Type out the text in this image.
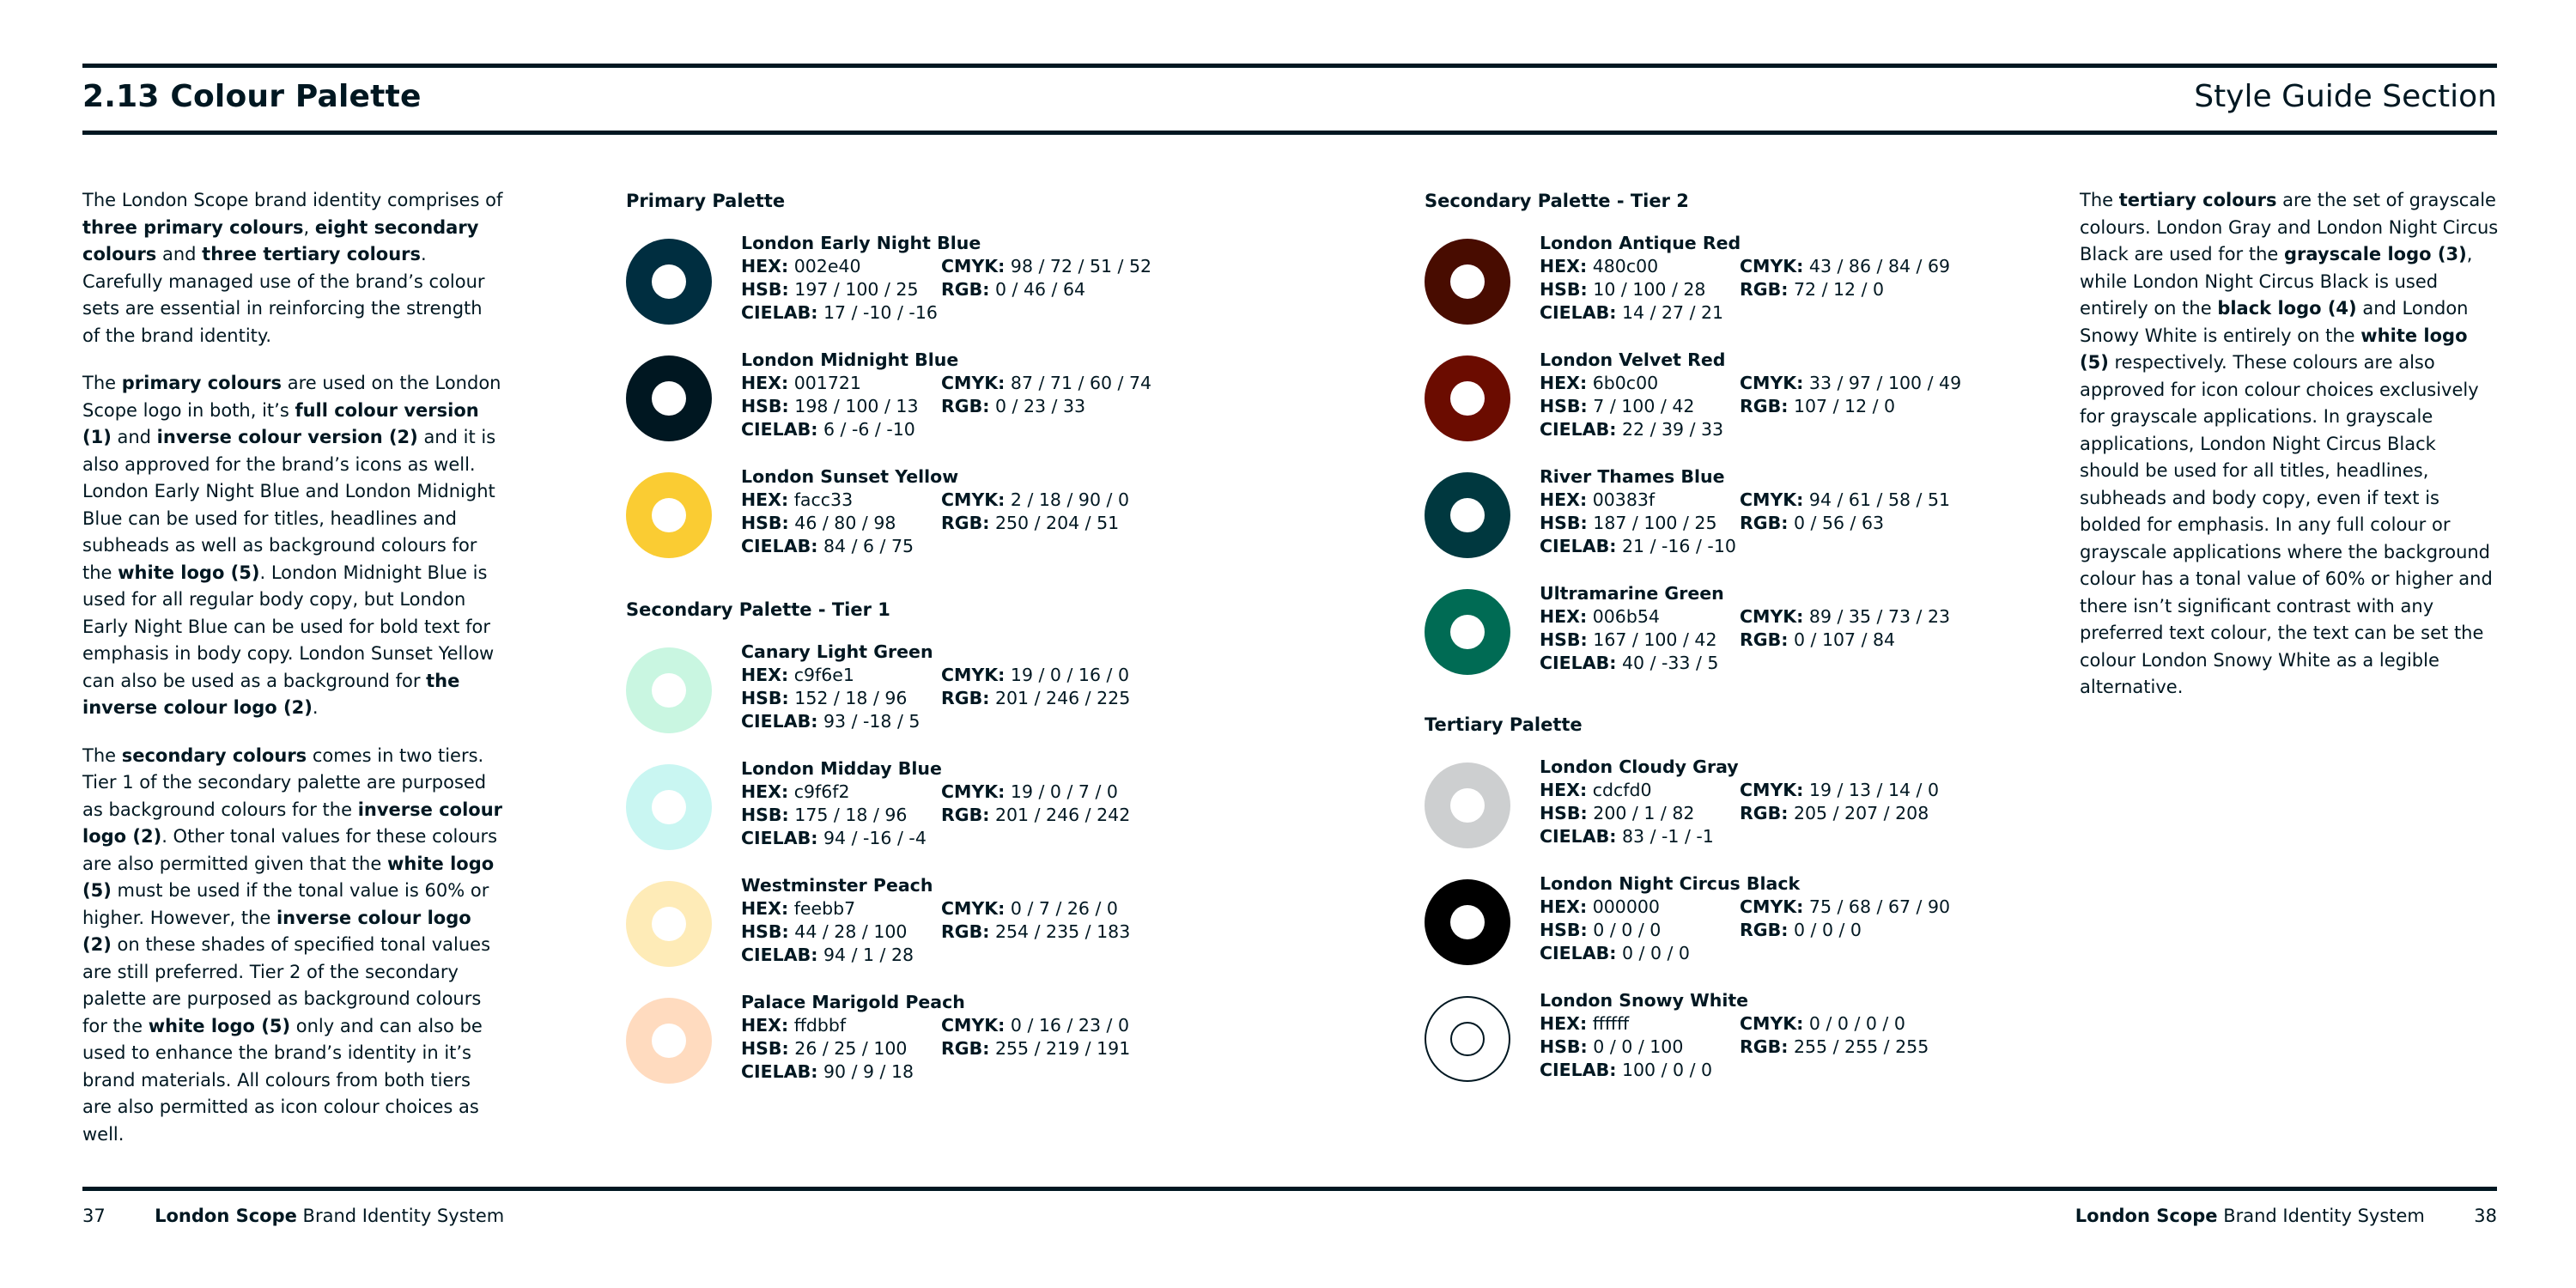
2.13 Colour Palette	Style Guide Section

The London Scope brand identity comprises of three primary colours, eight secondary colours and three tertiary colours. Carefully managed use of the brand’s colour sets are essential in reinforcing the strength of the brand identity.

The primary colours are used on the London Scope logo in both, it’s full colour version (1) and inverse colour version (2) and it is also approved for the brand’s icons as well. London Early Night Blue and London Midnight Blue can be used for titles, headlines and subheads as well as background colours for the white logo (5). London Midnight Blue is used for all regular body copy, but London Early Night Blue can be used for bold text for emphasis in body copy. London Sunset Yellow can also be used as a background for the inverse colour logo (2).

The secondary colours comes in two tiers. Tier 1 of the secondary palette are purposed as background colours for the inverse colour logo (2). Other tonal values for these colours are also permitted given that the white logo (5) must be used if the tonal value is 60% or higher. However, the inverse colour logo (2) on these shades of specified tonal values are still preferred. Tier 2 of the secondary palette are purposed as background colours for the white logo (5) only and can also be used to enhance the brand’s identity in it’s brand materials. All colours from both tiers are also permitted as icon colour choices as well.

Primary Palette
Secondary Palette - Tier 1
Secondary Palette - Tier 2
Tertiary Palette
London Early Night Blue
HEX: 002e40	CMYK: 98 / 72 / 51 / 52
HSB: 197 / 100 / 25	RGB: 0 / 46 / 64
CIELAB: 17 / -10 / -16
London Midnight Blue
HEX: 001721	CMYK: 87 / 71 / 60 / 74
HSB: 198 / 100 / 13	RGB: 0 / 23 / 33
CIELAB: 6 / -6 / -10
London Sunset Yellow
HEX: facc33	CMYK: 2 / 18 / 90 / 0
HSB: 46 / 80 / 98	RGB: 250 / 204 / 51
CIELAB: 84 / 6 / 75
Canary Light Green
HEX: c9f6e1	CMYK: 19 / 0 / 16 / 0
HSB: 152 / 18 / 96	RGB: 201 / 246 / 225
CIELAB: 93 / -18 / 5
London Midday Blue
HEX: c9f6f2	CMYK: 19 / 0 / 7 / 0
HSB: 175 / 18 / 96	RGB: 201 / 246 / 242
CIELAB: 94 / -16 / -4
Westminster Peach
HEX: feebb7	CMYK: 0 / 7 / 26 / 0
HSB: 44 / 28 / 100	RGB: 254 / 235 / 183
CIELAB: 94 / 1 / 28
Palace Marigold Peach
HEX: ffdbbf	CMYK: 0 / 16 / 23 / 0
HSB: 26 / 25 / 100	RGB: 255 / 219 / 191
CIELAB: 90 / 9 / 18
London Antique Red
HEX: 480c00	CMYK: 43 / 86 / 84 / 69
HSB: 10 / 100 / 28	RGB: 72 / 12 / 0
CIELAB: 14 / 27 / 21
London Velvet Red
HEX: 6b0c00	CMYK: 33 / 97 / 100 / 49
HSB: 7 / 100 / 42	RGB: 107 / 12 / 0
CIELAB: 22 / 39 / 33
River Thames Blue
HEX: 00383f	CMYK: 94 / 61 / 58 / 51
HSB: 187 / 100 / 25	RGB: 0 / 56 / 63
CIELAB: 21 / -16 / -10
Ultramarine Green
HEX: 006b54	CMYK: 89 / 35 / 73 / 23
HSB: 167 / 100 / 42	RGB: 0 / 107 / 84
CIELAB: 40 / -33 / 5
London Cloudy Gray
HEX: cdcfd0	CMYK: 19 / 13 / 14 / 0
HSB: 200 / 1 / 82	RGB: 205 / 207 / 208
CIELAB: 83 / -1 / -1
London Night Circus Black
HEX: 000000	CMYK: 75 / 68 / 67 / 90
HSB: 0 / 0 / 0	RGB: 0 / 0 / 0
CIELAB: 0 / 0 / 0
London Snowy White
HEX: ffffff	CMYK: 0 / 0 / 0 / 0
HSB: 0 / 0 / 100	RGB: 255 / 255 / 255
CIELAB: 100 / 0 / 0

The tertiary colours are the set of grayscale colours. London Gray and London Night Circus Black are used for the grayscale logo (3), while London Night Circus Black is used entirely on the black logo (4) and London Snowy White is entirely on the white logo (5) respectively. These colours are also approved for icon colour choices exclusively for grayscale applications. In grayscale applications, London Night Circus Black should be used for all titles, headlines, subheads and body copy, even if text is bolded for emphasis. In any full colour or grayscale applications where the background colour has a tonal value of 60% or higher and there isn’t significant contrast with any preferred text colour, the text can be set the colour London Snowy White as a legible alternative.

37	London Scope Brand Identity System	London Scope Brand Identity System	38
